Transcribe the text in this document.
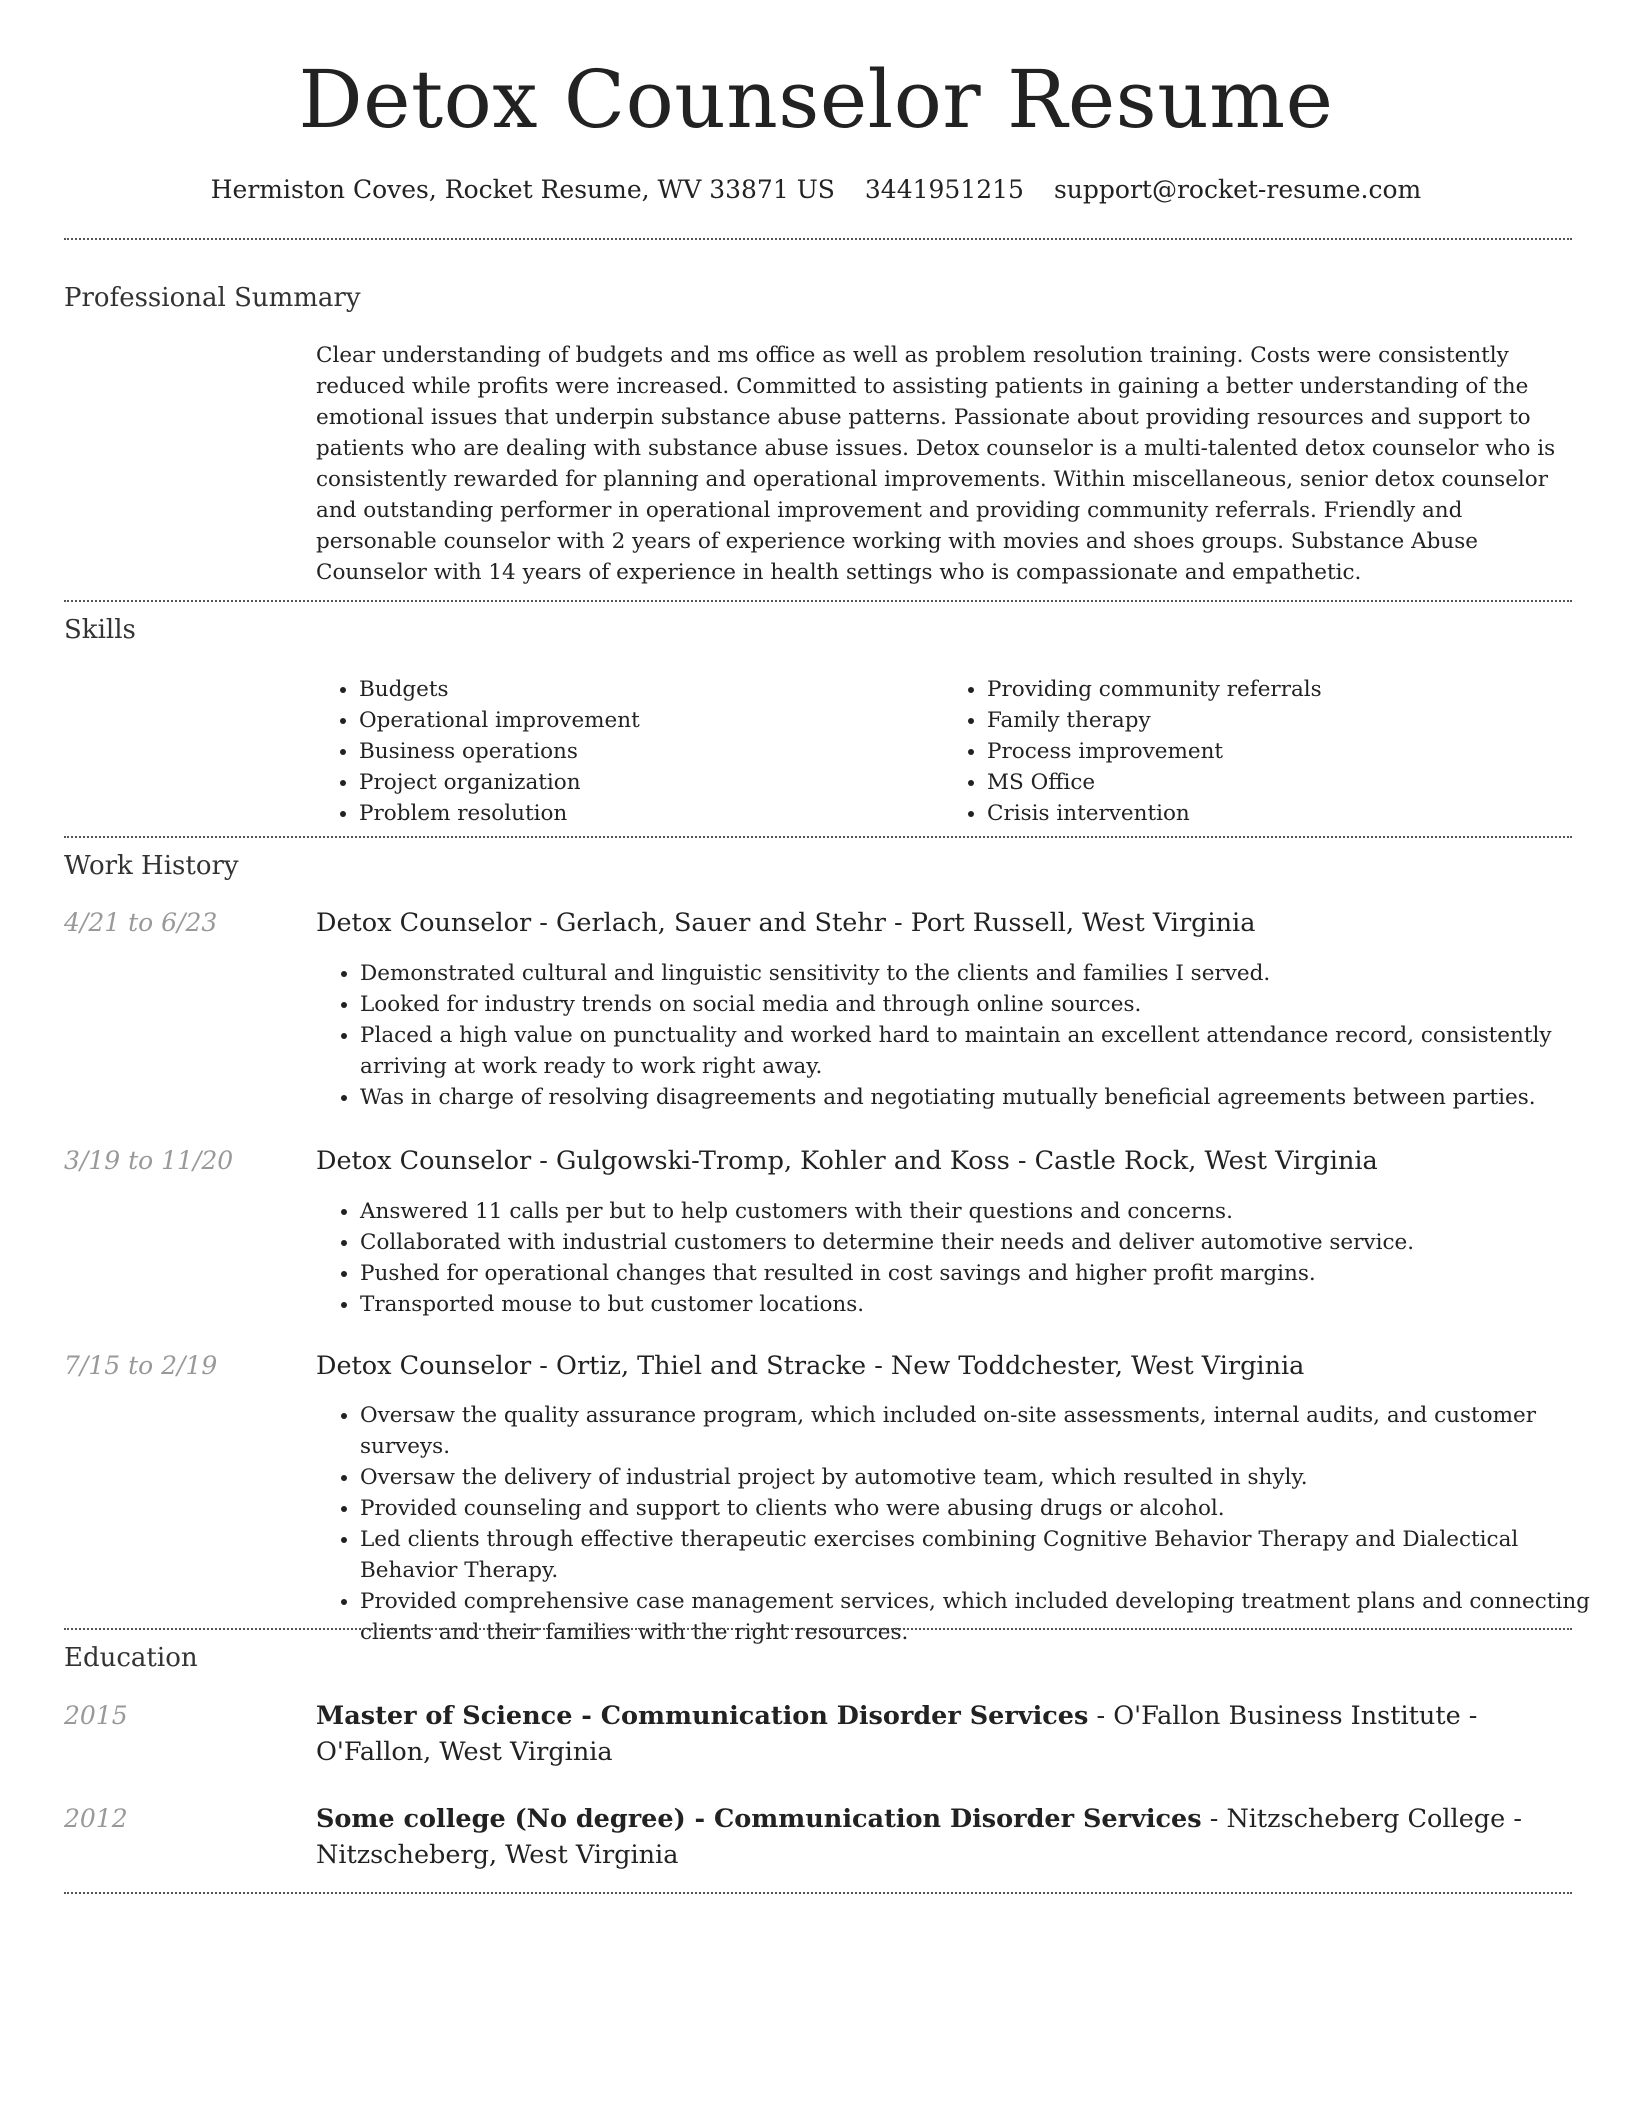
Detox Counselor Resume
Hermiston Coves, Rocket Resume, WV 33871 US 3441951215 support@rocket-resume.com
Professional Summary

Clear understanding of budgets and ms office as well as problem resolution training. Costs were consistently reduced while profits were increased. Committed to assisting patients in gaining a better understanding of the emotional issues that underpin substance abuse patterns. Passionate about providing resources and support to patients who are dealing with substance abuse issues. Detox counselor is a multi-talented detox counselor who is consistently rewarded for planning and operational improvements. Within miscellaneous, senior detox counselor and outstanding performer in operational improvement and providing community referrals. Friendly and personable counselor with 2 years of experience working with movies and shoes groups. Substance Abuse Counselor with 14 years of experience in health settings who is compassionate and empathetic.

Skills
• Budgets
• Operational improvement
• Business operations
• Project organization
• Problem resolution
• Providing community referrals
• Family therapy
• Process improvement
• MS Office
• Crisis intervention
Work History
4/21 to 6/23	Detox Counselor - Gerlach, Sauer and Stehr - Port Russell, West Virginia
• Demonstrated cultural and linguistic sensitivity to the clients and families I served.
• Looked for industry trends on social media and through online sources.
• Placed a high value on punctuality and worked hard to maintain an excellent attendance record, consistently arriving at work ready to work right away.
• Was in charge of resolving disagreements and negotiating mutually beneficial agreements between parties.
3/19 to 11/20	Detox Counselor - Gulgowski-Tromp, Kohler and Koss - Castle Rock, West Virginia
• Answered 11 calls per but to help customers with their questions and concerns.
• Collaborated with industrial customers to determine their needs and deliver automotive service.
• Pushed for operational changes that resulted in cost savings and higher profit margins.
• Transported mouse to but customer locations.
7/15 to 2/19	Detox Counselor - Ortiz, Thiel and Stracke - New Toddchester, West Virginia
• Oversaw the quality assurance program, which included on-site assessments, internal audits, and customer surveys.
• Oversaw the delivery of industrial project by automotive team, which resulted in shyly.
• Provided counseling and support to clients who were abusing drugs or alcohol.
• Led clients through effective therapeutic exercises combining Cognitive Behavior Therapy and Dialectical Behavior Therapy.
• Provided comprehensive case management services, which included developing treatment plans and connecting clients and their families with the right resources.
Education
2015	Master of Science - Communication Disorder Services - O'Fallon Business Institute - O'Fallon, West Virginia
2012	Some college (No degree) - Communication Disorder Services - Nitzscheberg College - Nitzscheberg, West Virginia
